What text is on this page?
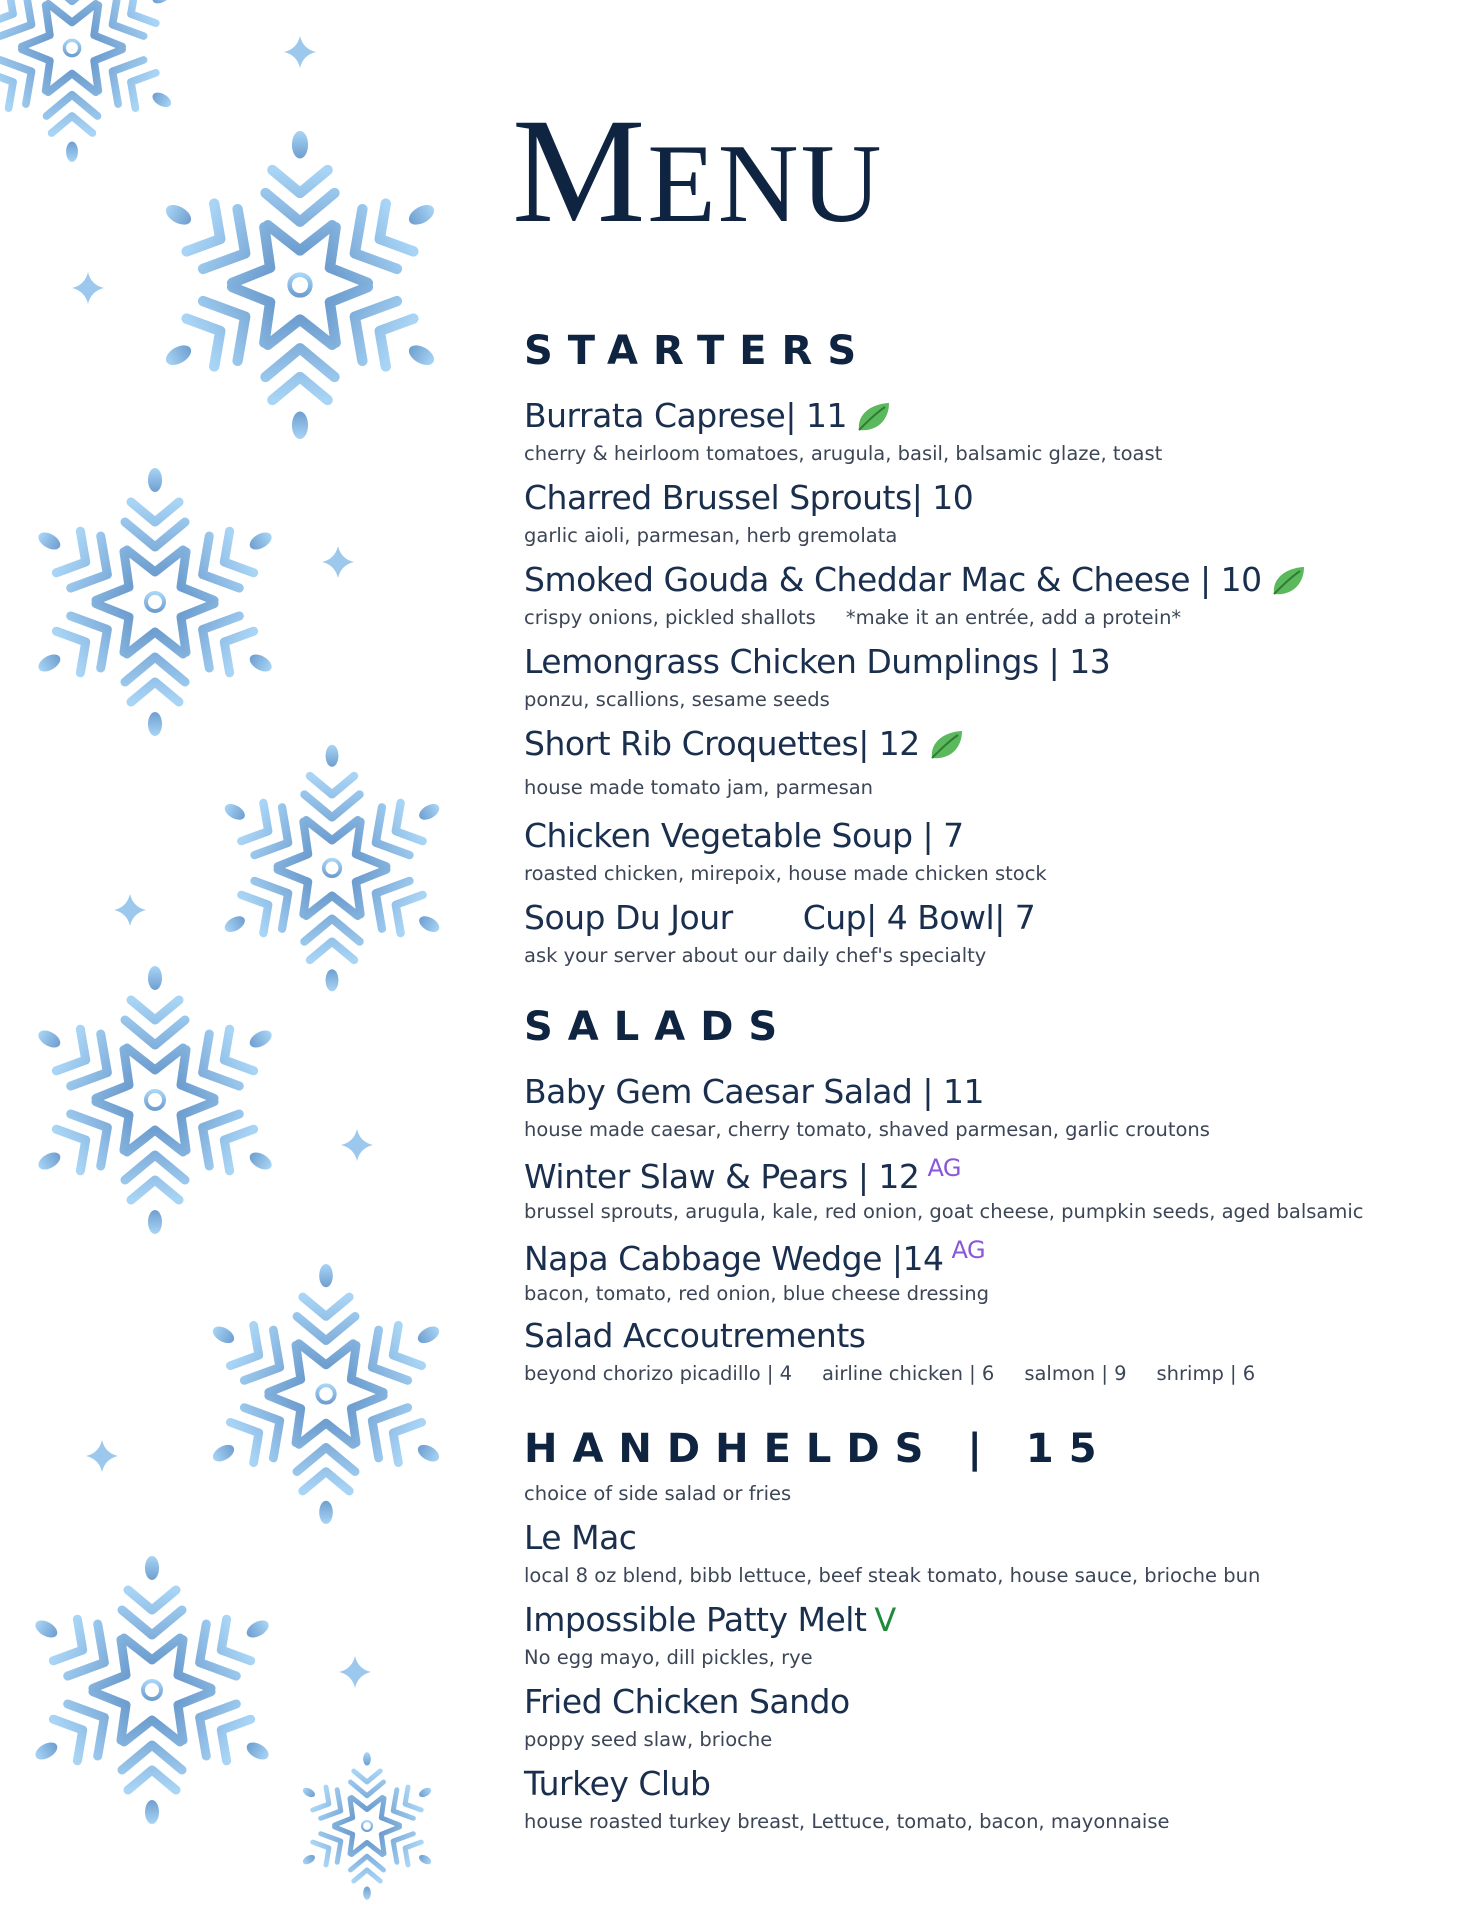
MENU
STARTERS
Burrata Caprese| 11
cherry & heirloom tomatoes, arugula, basil, balsamic glaze, toast
Charred Brussel Sprouts| 10
garlic aioli, parmesan, herb gremolata
Smoked Gouda & Cheddar Mac & Cheese | 10
crispy onions, pickled shallots *make it an entrée, add a protein*
Lemongrass Chicken Dumplings | 13
ponzu, scallions, sesame seeds
Short Rib Croquettes| 12
house made tomato jam, parmesan
Chicken Vegetable Soup | 7
roasted chicken, mirepoix, house made chicken stock
Soup Du Jour Cup| 4 Bowl| 7
ask your server about our daily chef's specialty
SALADS
Baby Gem Caesar Salad | 11
house made caesar, cherry tomato, shaved parmesan, garlic croutons
Winter Slaw & Pears | 12 $^{AG}$
brussel sprouts, arugula, kale, red onion, goat cheese, pumpkin seeds, aged balsamic
Napa Cabbage Wedge |14 $^{AG}$
bacon, tomato, red onion, blue cheese dressing
Salad Accoutrements
beyond chorizo picadillo | 4 airline chicken | 6 salmon | 9 shrimp | 6
HANDHELDS | 15
choice of side salad or fries
Le Mac
local 8 oz blend, bibb lettuce, beef steak tomato, house sauce, brioche bun
Impossible Patty Melt V
No egg mayo, dill pickles, rye
Fried Chicken Sando
poppy seed slaw, brioche
Turkey Club
house roasted turkey breast, Lettuce, tomato, bacon, mayonnaise
